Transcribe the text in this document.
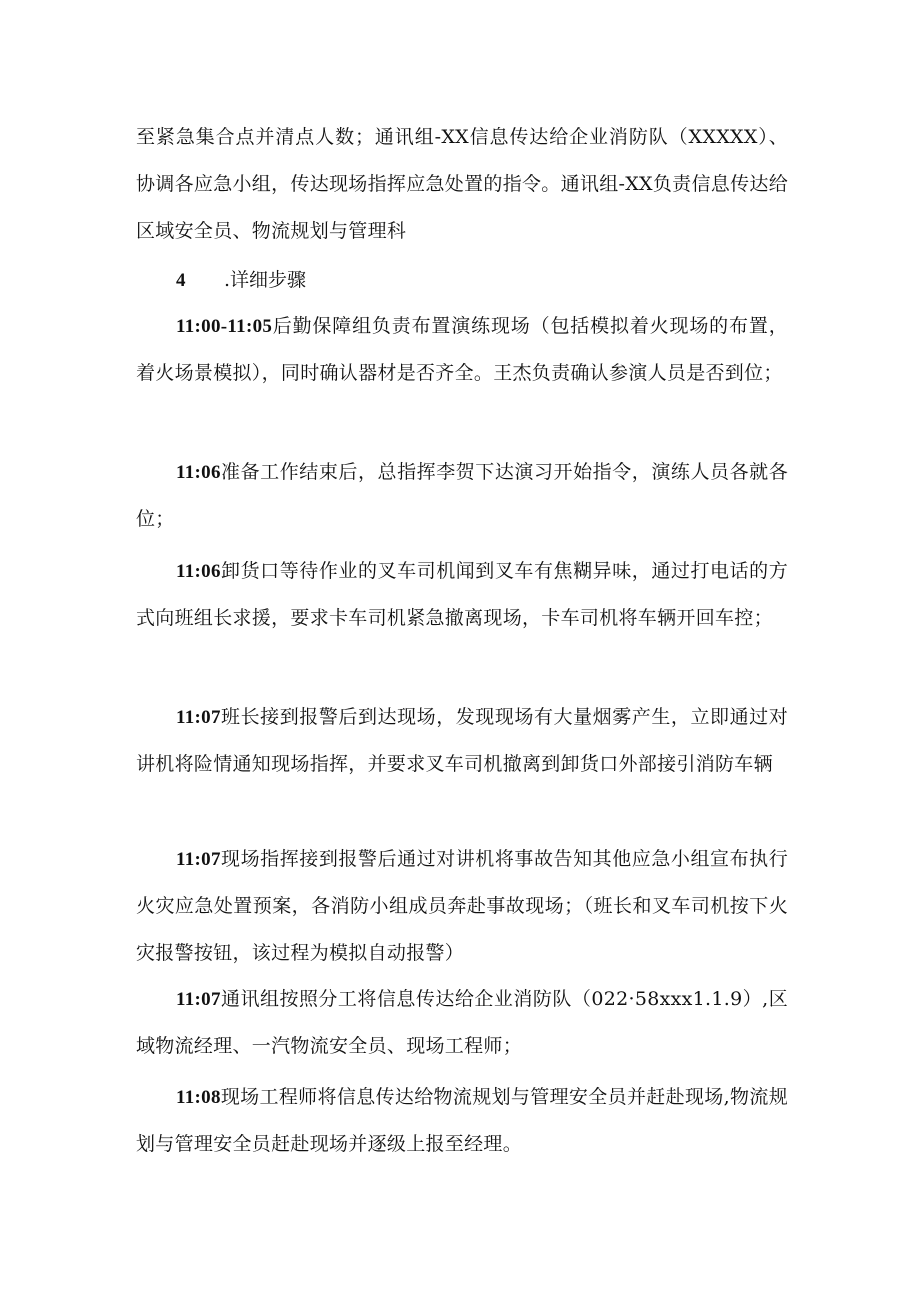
至紧急集合点并清点人数；通讯组-XX信息传达给企业消防队（XXXXX）、协调各应急小组，传达现场指挥应急处置的指令。通讯组-XX负责信息传达给区域安全员、物流规划与管理科

4 .详细步骤

11:00-11:05后勤保障组负责布置演练现场（包括模拟着火现场的布置，着火场景模拟），同时确认器材是否齐全。王杰负责确认参演人员是否到位；

11:06准备工作结束后，总指挥李贺下达演习开始指令，演练人员各就各位；

11:06卸货口等待作业的叉车司机闻到叉车有焦糊异味，通过打电话的方式向班组长求援，要求卡车司机紧急撤离现场，卡车司机将车辆开回车控；

11:07班长接到报警后到达现场，发现现场有大量烟雾产生，立即通过对讲机将险情通知现场指挥，并要求叉车司机撤离到卸货口外部接引消防车辆

11:07现场指挥接到报警后通过对讲机将事故告知其他应急小组宣布执行火灾应急处置预案，各消防小组成员奔赴事故现场；（班长和叉车司机按下火灾报警按钮，该过程为模拟自动报警）

11:07通讯组按照分工将信息传达给企业消防队（022·58xxx1.1.9）,区域物流经理、一汽物流安全员、现场工程师；

11:08现场工程师将信息传达给物流规划与管理安全员并赶赴现场,物流规划与管理安全员赶赴现场并逐级上报至经理。
